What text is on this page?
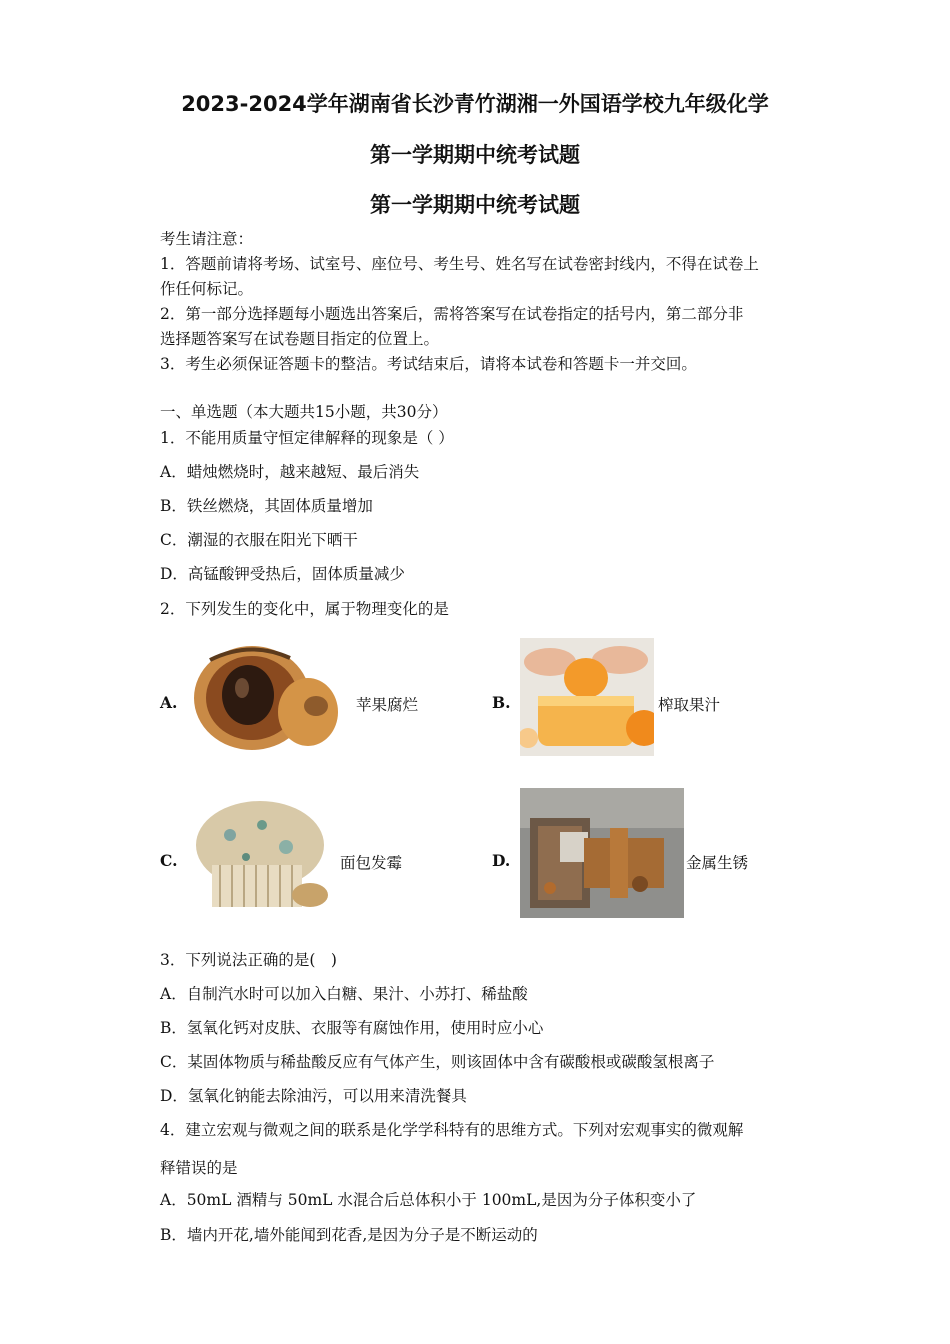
2023-2024学年湖南省长沙青竹湖湘一外国语学校九年级化学
第一学期期中统考试题
第一学期期中统考试题
考生请注意：
1．答题前请将考场、试室号、座位号、考生号、姓名写在试卷密封线内，不得在试卷上
作任何标记。
2．第一部分选择题每小题选出答案后，需将答案写在试卷指定的括号内，第二部分非
选择题答案写在试卷题目指定的位置上。
3．考生必须保证答题卡的整洁。考试结束后，请将本试卷和答题卡一并交回。
一、单选题（本大题共15小题，共30分）
1．不能用质量守恒定律解释的现象是（ ）
A．蜡烛燃烧时，越来越短、最后消失
B．铁丝燃烧，其固体质量增加
C．潮湿的衣服在阳光下晒干
D．高锰酸钾受热后，固体质量减少
2．下列发生的变化中，属于物理变化的是
A.	苹果腐烂	B.	榨取果汁
C.	面包发霉	D.	金属生锈
3．下列说法正确的是(　)
A．自制汽水时可以加入白糖、果汁、小苏打、稀盐酸
B．氢氧化钙对皮肤、衣服等有腐蚀作用，使用时应小心
C．某固体物质与稀盐酸反应有气体产生，则该固体中含有碳酸根或碳酸氢根离子
D．氢氧化钠能去除油污，可以用来清洗餐具
4．建立宏观与微观之间的联系是化学学科特有的思维方式。下列对宏观事实的微观解
释错误的是
A．50mL 酒精与 50mL 水混合后总体积小于 100mL,是因为分子体积变小了
B．墙内开花,墙外能闻到花香,是因为分子是不断运动的
